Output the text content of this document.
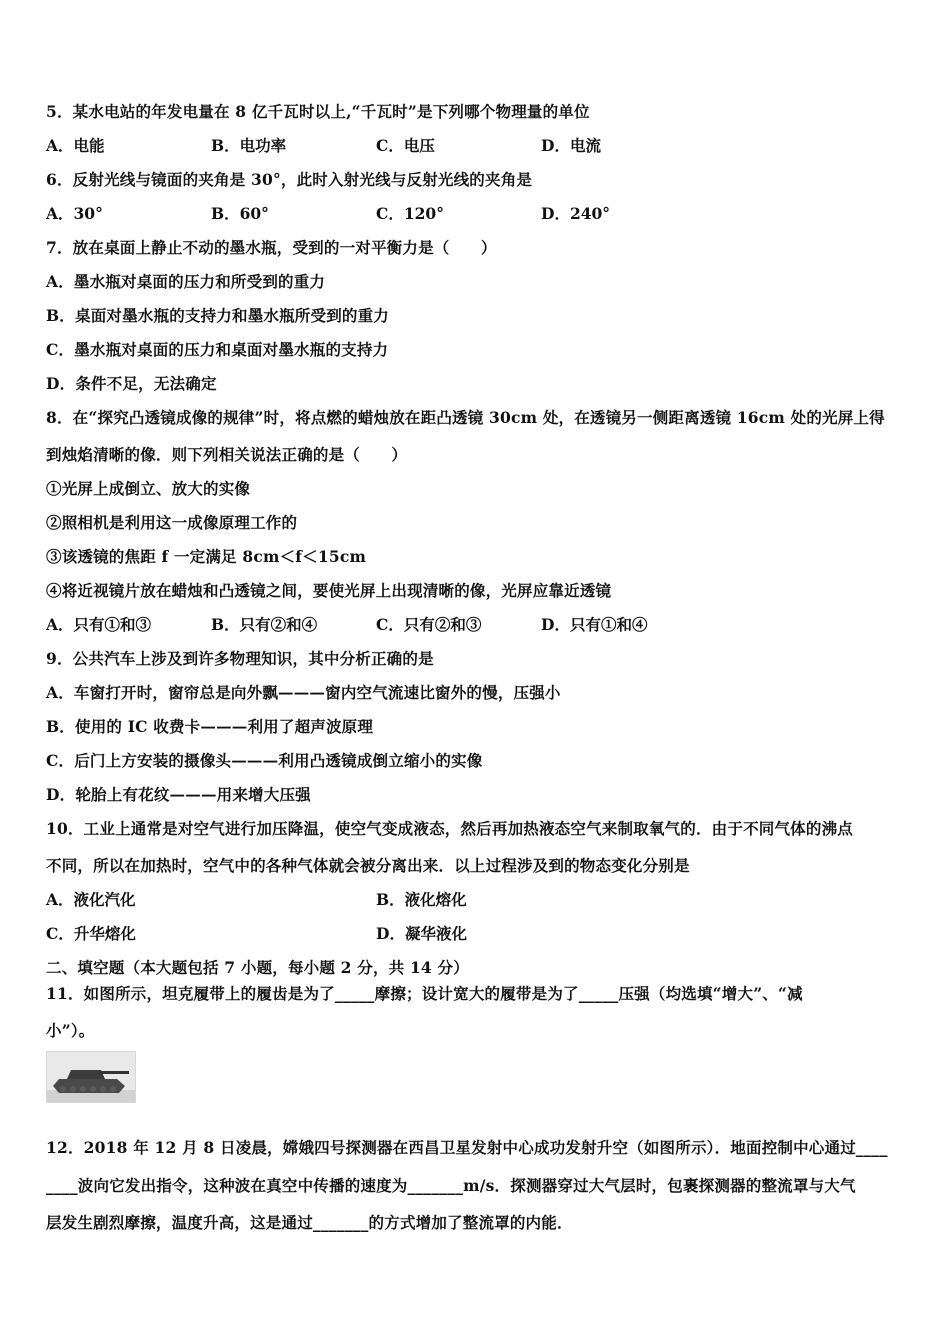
5．某水电站的年发电量在 8 亿千瓦时以上,“千瓦时”是下列哪个物理量的单位
A．电能	B．电功率	C．电压	D．电流
6．反射光线与镜面的夹角是 30°，此时入射光线与反射光线的夹角是
A．30°	B．60°	C．120°	D．240°
7．放在桌面上静止不动的墨水瓶，受到的一对平衡力是（　　）
A．墨水瓶对桌面的压力和所受到的重力
B．桌面对墨水瓶的支持力和墨水瓶所受到的重力
C．墨水瓶对桌面的压力和桌面对墨水瓶的支持力
D．条件不足，无法确定
8．在“探究凸透镜成像的规律”时，将点燃的蜡烛放在距凸透镜 30cm 处，在透镜另一侧距离透镜 16cm 处的光屏上得
到烛焰清晰的像．则下列相关说法正确的是（　　）
①光屏上成倒立、放大的实像
②照相机是利用这一成像原理工作的
③该透镜的焦距 f 一定满足 8cm＜f＜15cm
④将近视镜片放在蜡烛和凸透镜之间，要使光屏上出现清晰的像，光屏应靠近透镜
A．只有①和③	B．只有②和④	C．只有②和③	D．只有①和④
9．公共汽车上涉及到许多物理知识，其中分析正确的是
A．车窗打开时，窗帘总是向外飘———窗内空气流速比窗外的慢，压强小
B．使用的 IC 收费卡———利用了超声波原理
C．后门上方安装的摄像头———利用凸透镜成倒立缩小的实像
D．轮胎上有花纹———用来增大压强
10．工业上通常是对空气进行加压降温，使空气变成液态，然后再加热液态空气来制取氧气的．由于不同气体的沸点
不同，所以在加热时，空气中的各种气体就会被分离出来．以上过程涉及到的物态变化分别是
A．液化汽化	B．液化熔化
C．升华熔化	D．凝华液化
二、填空题（本大题包括 7 小题，每小题 2 分，共 14 分）
11．如图所示，坦克履带上的履齿是为了_____摩擦；设计宽大的履带是为了_____压强（均选填“增大”、“减
小”）。
12．2018 年 12 月 8 日凌晨，嫦娥四号探测器在西昌卫星发射中心成功发射升空（如图所示）．地面控制中心通过____
____波向它发出指令，这种波在真空中传播的速度为_______m/s．探测器穿过大气层时，包裹探测器的整流罩与大气
层发生剧烈摩擦，温度升高，这是通过_______的方式增加了整流罩的内能．
